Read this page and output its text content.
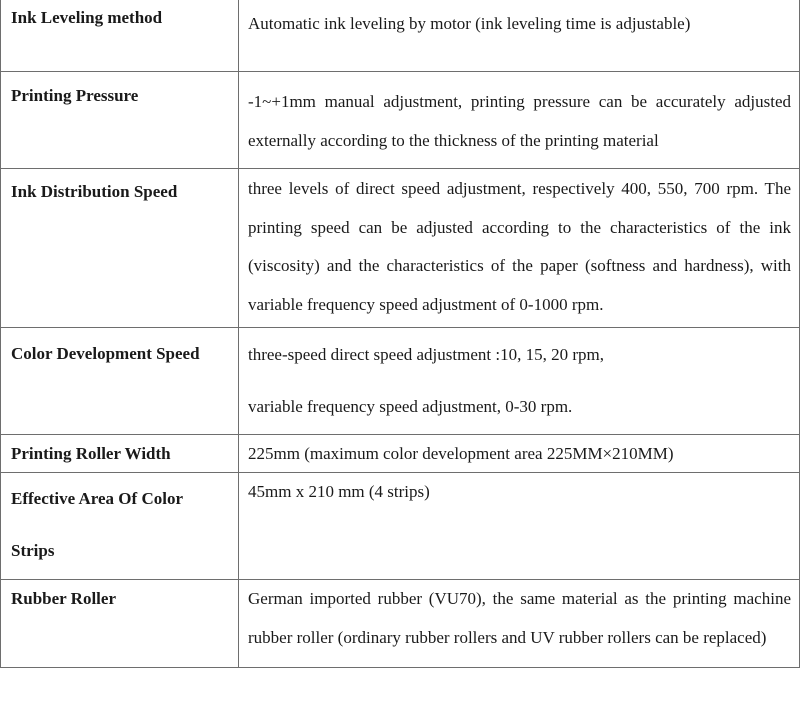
Ink Leveling method	Automatic ink leveling by motor (ink leveling time is adjustable)
Printing Pressure	-1~+1mm manual adjustment, printing pressure can be accurately adjusted externally according to the thickness of the printing material
Ink Distribution Speed	three levels of direct speed adjustment, respectively 400, 550, 700 rpm. The printing speed can be adjusted according to the characteristics of the ink (viscosity) and the characteristics of the paper (softness and hardness), with variable frequency speed adjustment of 0-1000 rpm.
Color Development Speed	three-speed direct speed adjustment :10, 15, 20 rpm,
variable frequency speed adjustment, 0-30 rpm.

Printing Roller Width	225mm (maximum color development area 225MM×210MM)
Effective Area Of Color Strips	45mm x 210 mm (4 strips)
Rubber Roller	German imported rubber (VU70), the same material as the printing machine rubber roller (ordinary rubber rollers and UV rubber rollers can be replaced)
